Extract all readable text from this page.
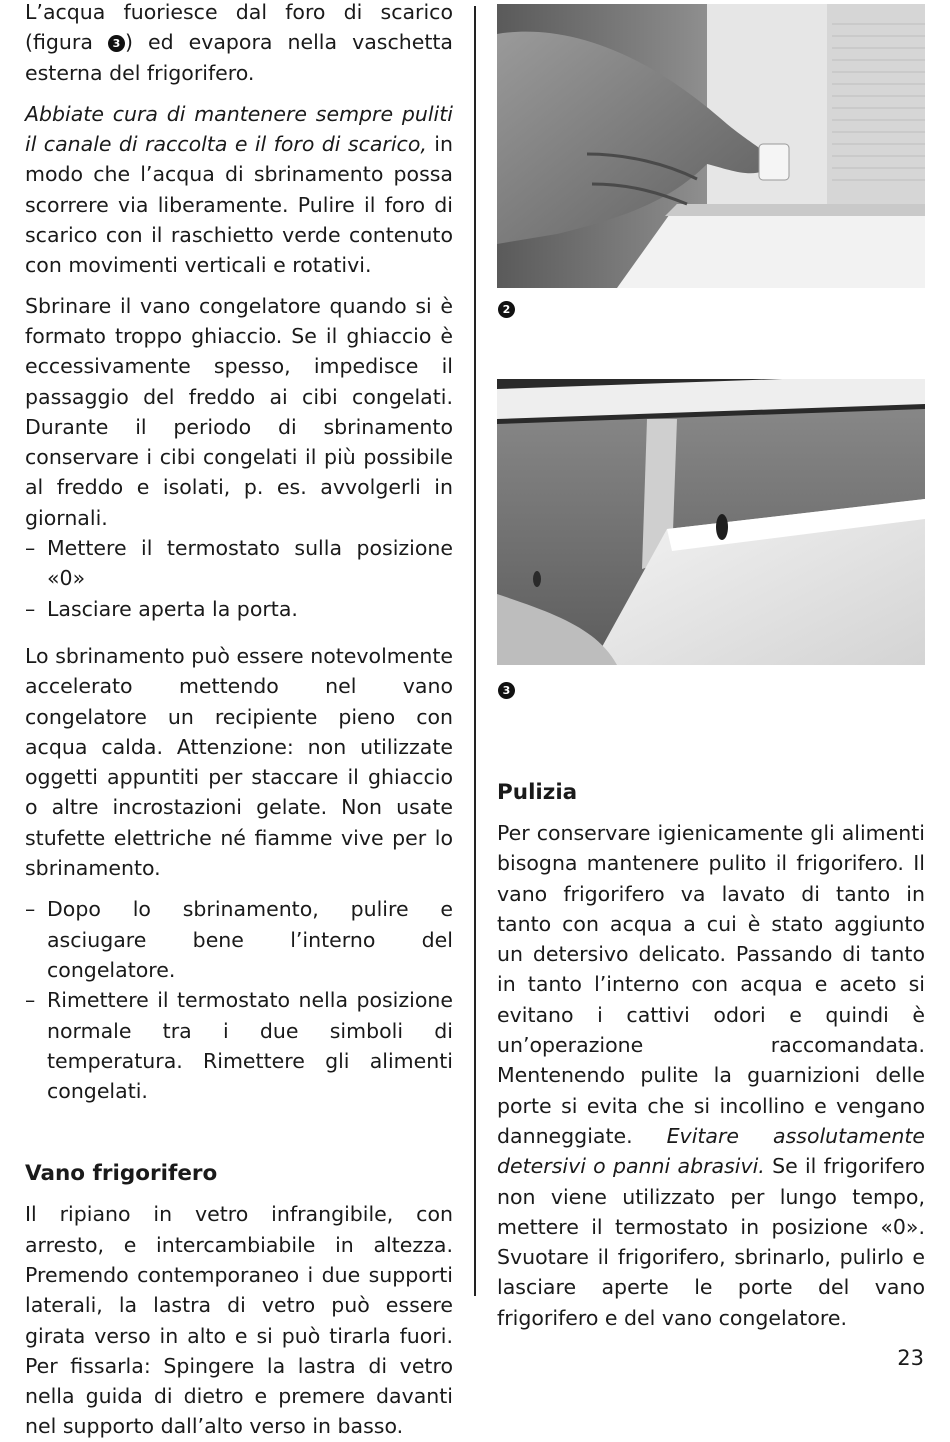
L’acqua fuoriesce dal foro di scarico (figura 3 ) ed evapora nella vaschetta esterna del frigorifero.

Abbiate cura di mantenere sempre puliti il canale di raccolta e il foro di scarico, in modo che l’acqua di sbrinamento possa scorrere via liberamente. Pulire il foro di scarico con il raschietto verde contenuto con movimenti verticali e rotativi.

Sbrinare il vano congelatore quando si è formato troppo ghiaccio. Se il ghiaccio è eccessivamente spesso, impedisce il passaggio del freddo ai cibi congelati. Durante il periodo di sbrinamento conservare i cibi congelati il più possibile al freddo e isolati, p. es. avvolgerli in giornali.

– Mettere il termostato sulla posizione «0»

– Lasciare aperta la porta.

Lo sbrinamento può essere notevolmente accelerato mettendo nel vano congelatore un recipiente pieno con acqua calda. Attenzione: non utilizzate oggetti appuntiti per staccare il ghiaccio o altre incrostazioni gelate. Non usate stufette elettriche né fiamme vive per lo sbrinamento.

– Dopo lo sbrinamento, pulire e asciugare bene l’interno del congelatore.

– Rimettere il termostato nella posizione normale tra i due simboli di temperatura. Rimettere gli alimenti congelati.

Vano frigorifero

Il ripiano in vetro infrangibile, con arresto, e intercambiabile in altezza. Premendo contemporaneo i due supporti laterali, la lastra di vetro può essere girata verso in alto e si può tirarla fuori. Per fissarla: Spingere la lastra di vetro nella guida di dietro e premere davanti nel supporto dall’alto verso in basso.

2
3
Pulizia

Per conservare igienicamente gli alimenti bisogna mantenere pulito il frigorifero. Il vano frigorifero va lavato di tanto in tanto con acqua a cui è stato aggiunto un detersivo delicato. Passando di tanto in tanto l’interno con acqua e aceto si evitano i cattivi odori e quindi è un’operazione raccomandata. Mentenendo pulite la guarnizioni delle porte si evita che si incollino e vengano danneggiate. Evitare assolutamente detersivi o panni abrasivi. Se il frigorifero non viene utilizzato per lungo tempo, mettere il termostato in posizione «0». Svuotare il frigorifero, sbrinarlo, pulirlo e lasciare aperte le porte del vano frigorifero e del vano congelatore.

23
